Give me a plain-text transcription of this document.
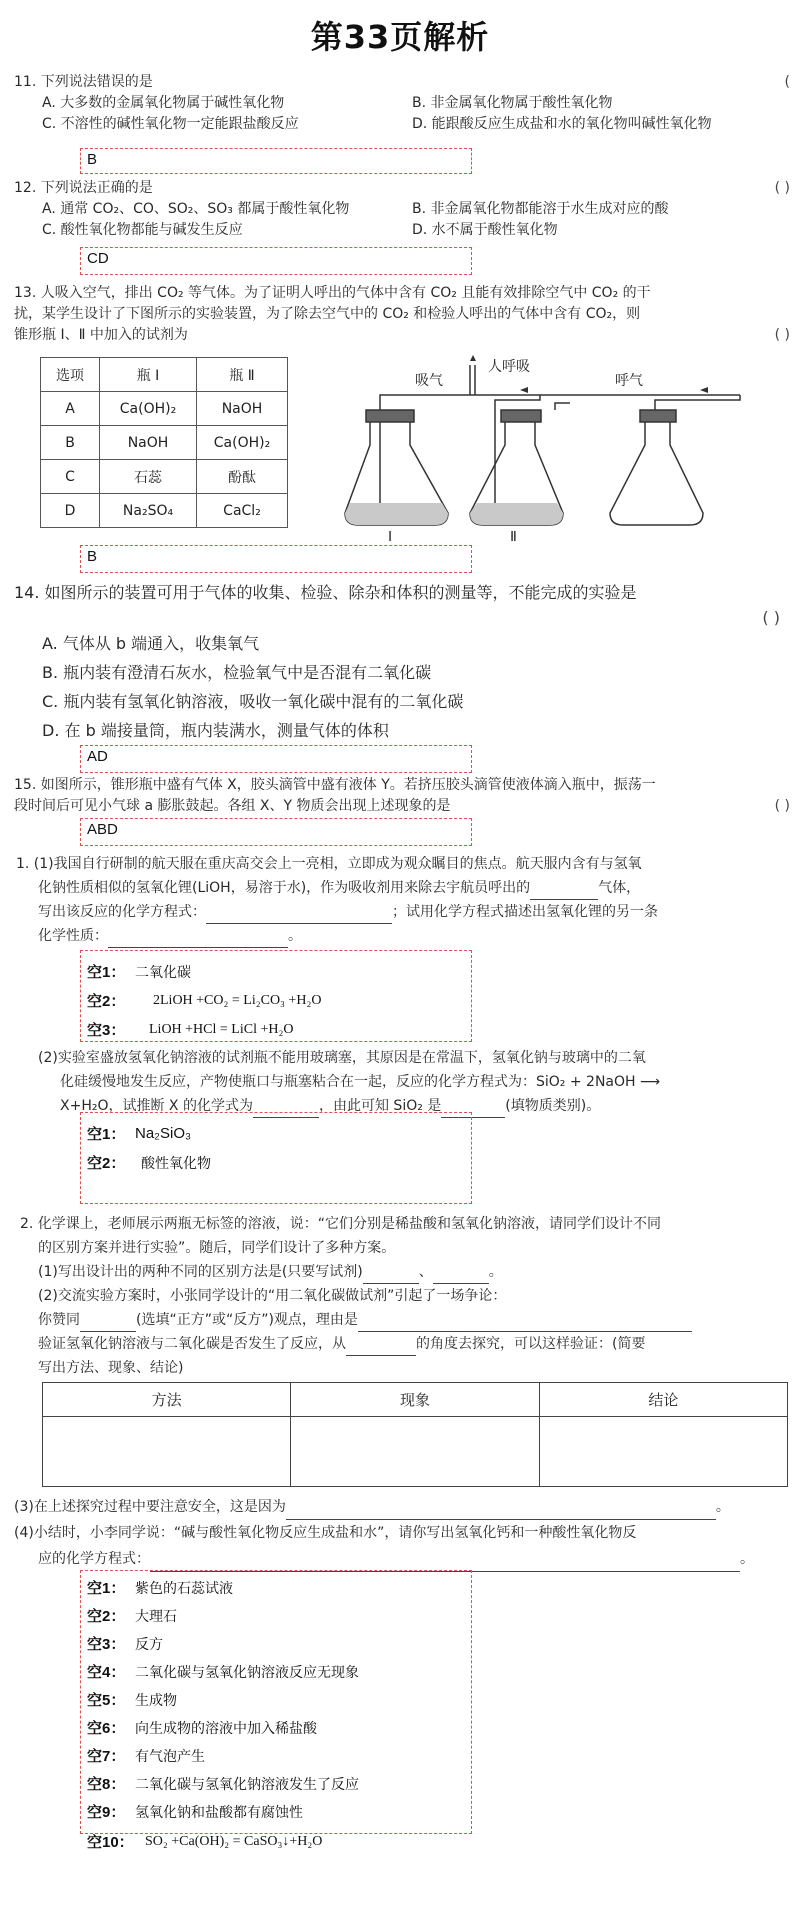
第33页解析
11. 下列说法错误的是	(
A. 大多数的金属氧化物属于碱性氧化物	B. 非金属氧化物属于酸性氧化物
C. 不溶性的碱性氧化物一定能跟盐酸反应	D. 能跟酸反应生成盐和水的氧化物叫碱性氧化物
B
12. 下列说法正确的是	( )
A. 通常 CO₂、CO、SO₂、SO₃ 都属于酸性氧化物	B. 非金属氧化物都能溶于水生成对应的酸
C. 酸性氧化物都能与碱发生反应	D. 水不属于酸性氧化物
CD
13. 人吸入空气，排出 CO₂ 等气体。为了证明人呼出的气体中含有 CO₂ 且能有效排除空气中 CO₂ 的干
扰，某学生设计了下图所示的实验装置，为了除去空气中的 CO₂ 和检验人呼出的气体中含有 CO₂，则
锥形瓶 Ⅰ、Ⅱ 中加入的试剂为	( )
选项	瓶 Ⅰ	瓶 Ⅱ
A	Ca(OH)₂	NaOH
B	NaOH	Ca(OH)₂
C	石蕊	酚酞
D	Na₂SO₄	CaCl₂
吸气
人呼吸
呼气
Ⅰ	Ⅱ
B
14. 如图所示的装置可用于气体的收集、检验、除杂和体积的测量等，不能完成的实验是
( )
A. 气体从 b 端通入，收集氧气
B. 瓶内装有澄清石灰水，检验氧气中是否混有二氧化碳
C. 瓶内装有氢氧化钠溶液，吸收一氧化碳中混有的二氧化碳
D. 在 b 端接量筒，瓶内装满水，测量气体的体积
AD
15. 如图所示，锥形瓶中盛有气体 X，胶头滴管中盛有液体 Y。若挤压胶头滴管使液体滴入瓶中，振荡一
段时间后可见小气球 a 膨胀鼓起。各组 X、Y 物质会出现上述现象的是	( )
ABD
1. (1)我国自行研制的航天服在重庆高交会上一亮相，立即成为观众瞩目的焦点。航天服内含有与氢氧
化钠性质相似的氢氧化锂(LiOH，易溶于水)，作为吸收剂用来除去宇航员呼出的	气体，
写出该反应的化学方程式：	；试用化学方程式描述出氢氧化锂的另一条
化学性质：	。
空1： 二氧化碳
空2：	2LiOH +CO₂ = Li₂CO₃ +H₂O
空3：	LiOH +HCl = LiCl +H₂O
(2)实验室盛放氢氧化钠溶液的试剂瓶不能用玻璃塞，其原因是在常温下，氢氧化钠与玻璃中的二氧
化硅缓慢地发生反应，产物使瓶口与瓶塞粘合在一起，反应的化学方程式为：SiO₂ + 2NaOH ⟶
X+H₂O，试推断 X 的化学式为	，由此可知 SiO₂ 是	(填物质类别)。
空1： Na₂SiO₃
空2：	酸性氧化物
2. 化学课上，老师展示两瓶无标签的溶液，说：“它们分别是稀盐酸和氢氧化钠溶液，请同学们设计不同
的区别方案并进行实验”。随后，同学们设计了多种方案。
(1)写出设计出的两种不同的区别方法是(只要写试剂)	、	。
(2)交流实验方案时，小张同学设计的“用二氧化碳做试剂”引起了一场争论：
你赞同	(选填“正方”或“反方”)观点，理由是
验证氢氧化钠溶液与二氧化碳是否发生了反应，从	的角度去探究，可以这样验证：(简要
写出方法、现象、结论)
方法	现象	结论

(3)在上述探究过程中要注意安全，这是因为	。
(4)小结时，小李同学说：“碱与酸性氧化物反应生成盐和水”，请你写出氢氧化钙和一种酸性氧化物反
应的化学方程式：	。
空1： 紫色的石蕊试液
空2： 大理石
空3： 反方
空4： 二氧化碳与氢氧化钠溶液反应无现象
空5： 生成物
空6： 向生成物的溶液中加入稀盐酸
空7： 有气泡产生
空8： 二氧化碳与氢氧化钠溶液发生了反应
空9： 氢氧化钠和盐酸都有腐蚀性
空10： SO₂ +Ca(OH)₂ = CaSO₃↓+H₂O
